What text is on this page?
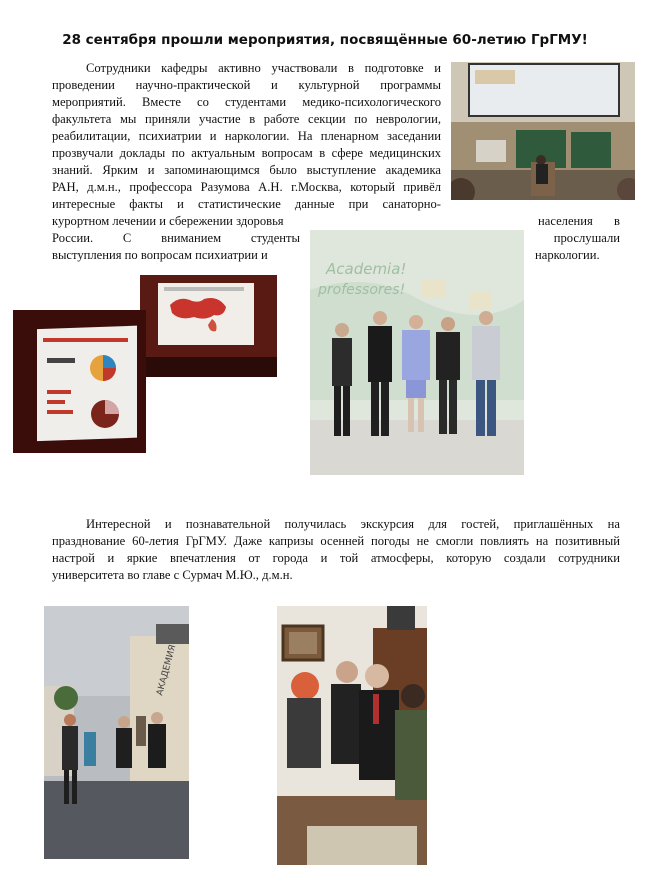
28 сентября прошли мероприятия, посвящённые 60-летию ГрГМУ!
Сотрудники кафедры активно участвовали в подготовке и
проведении научно-практической и культурной программы
мероприятий. Вместе со студентами медико-психологического
факультета мы приняли участие в работе секции по неврологии,
реабилитации, психиатрии и наркологии. На пленарном заседании
прозвучали доклады по актуальным вопросам в сфере медицинских
знаний. Ярким и запоминающимся было выступление академика
РАН, д.м.н., профессора Разумова А.Н. г.Москва, который привёл
интересные факты и статистические данные при санаторно-
курортном лечении и сбережении здоровья	населения в
России. С вниманием студенты	прослушали
выступления по вопросам психиатрии и	наркологии.
Academia!
professores!
Интересной и познавательной получилась экскурсия для гостей, приглашённых на
празднование 60-летия ГрГМУ. Даже капризы осенней погоды не смогли повлиять на позитивный
настрой и яркие впечатления от города и той атмосферы, которую создали сотрудники
университета во главе с Сурмач М.Ю., д.м.н.
АКАДЕМИЯ
